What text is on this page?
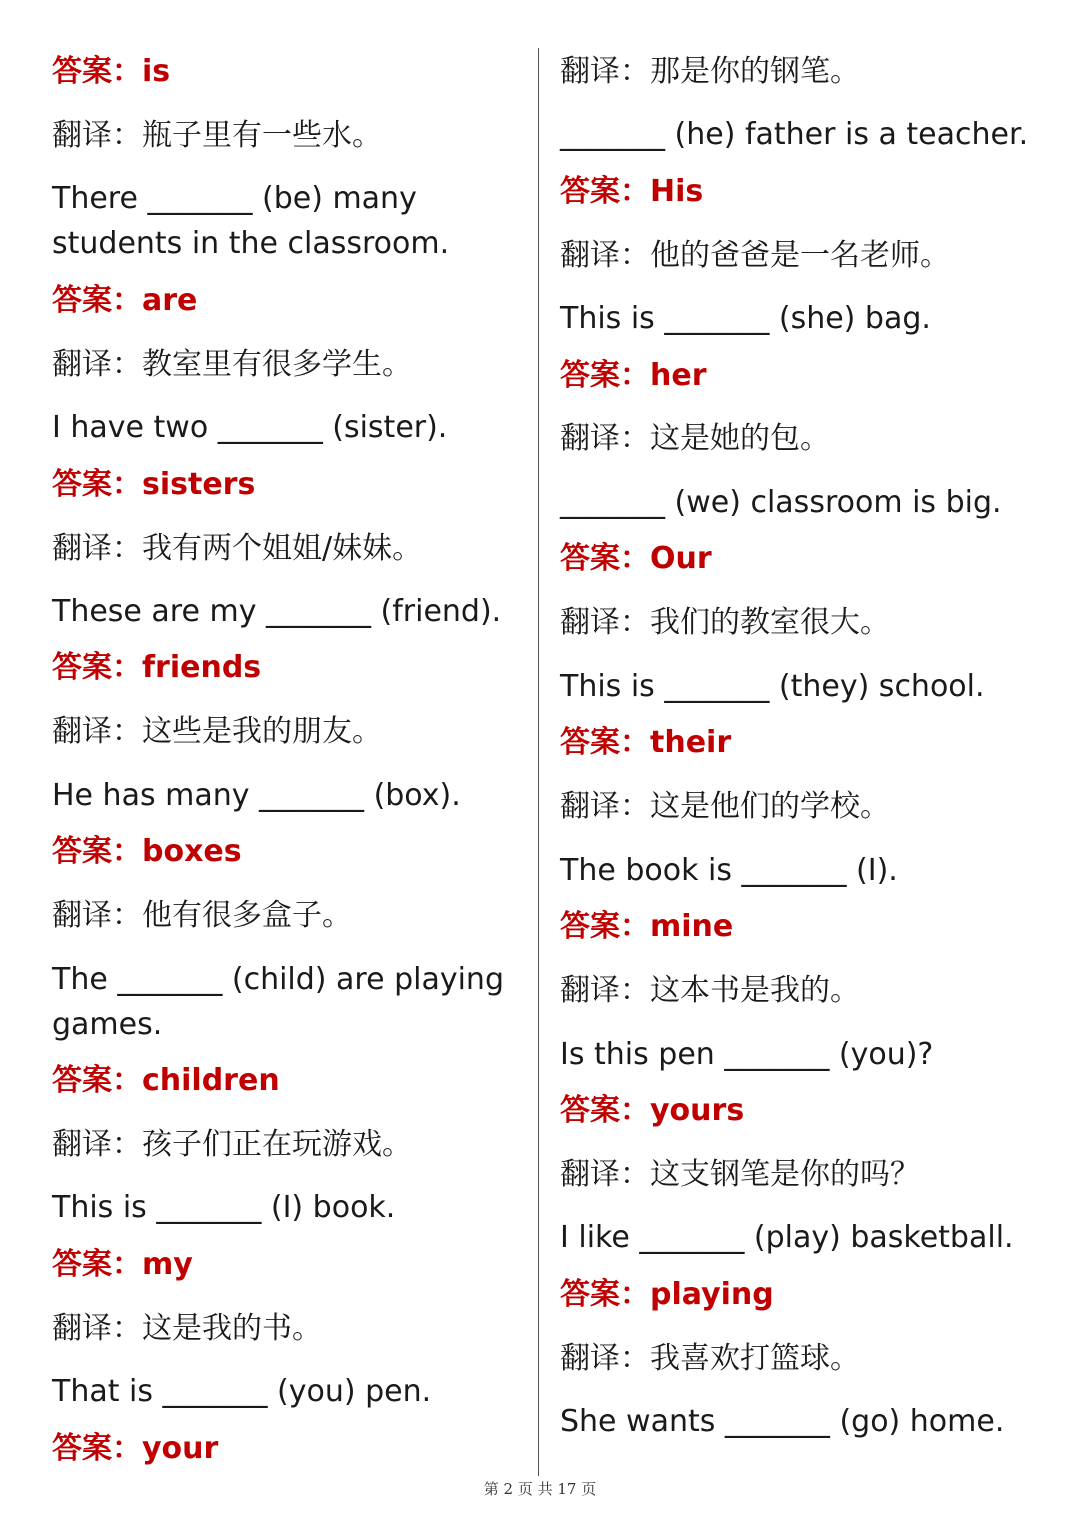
答案：is
翻译：瓶子里有一些水。
There _______ (be) many
students in the classroom.
答案：are
翻译：教室里有很多学生。
I have two _______ (sister).
答案：sisters
翻译：我有两个姐姐/妹妹。
These are my _______ (friend).
答案：friends
翻译：这些是我的朋友。
He has many _______ (box).
答案：boxes
翻译：他有很多盒子。
The _______ (child) are playing
games.
答案：children
翻译：孩子们正在玩游戏。
This is _______ (I) book.
答案：my
翻译：这是我的书。
That is _______ (you) pen.
答案：your
翻译：那是你的钢笔。
_______ (he) father is a teacher.
答案：His
翻译：他的爸爸是一名老师。
This is _______ (she) bag.
答案：her
翻译：这是她的包。
_______ (we) classroom is big.
答案：Our
翻译：我们的教室很大。
This is _______ (they) school.
答案：their
翻译：这是他们的学校。
The book is _______ (I).
答案：mine
翻译：这本书是我的。
Is this pen _______ (you)?
答案：yours
翻译：这支钢笔是你的吗？
I like _______ (play) basketball.
答案：playing
翻译：我喜欢打篮球。
She wants _______ (go) home.
第 2 页 共 17 页
